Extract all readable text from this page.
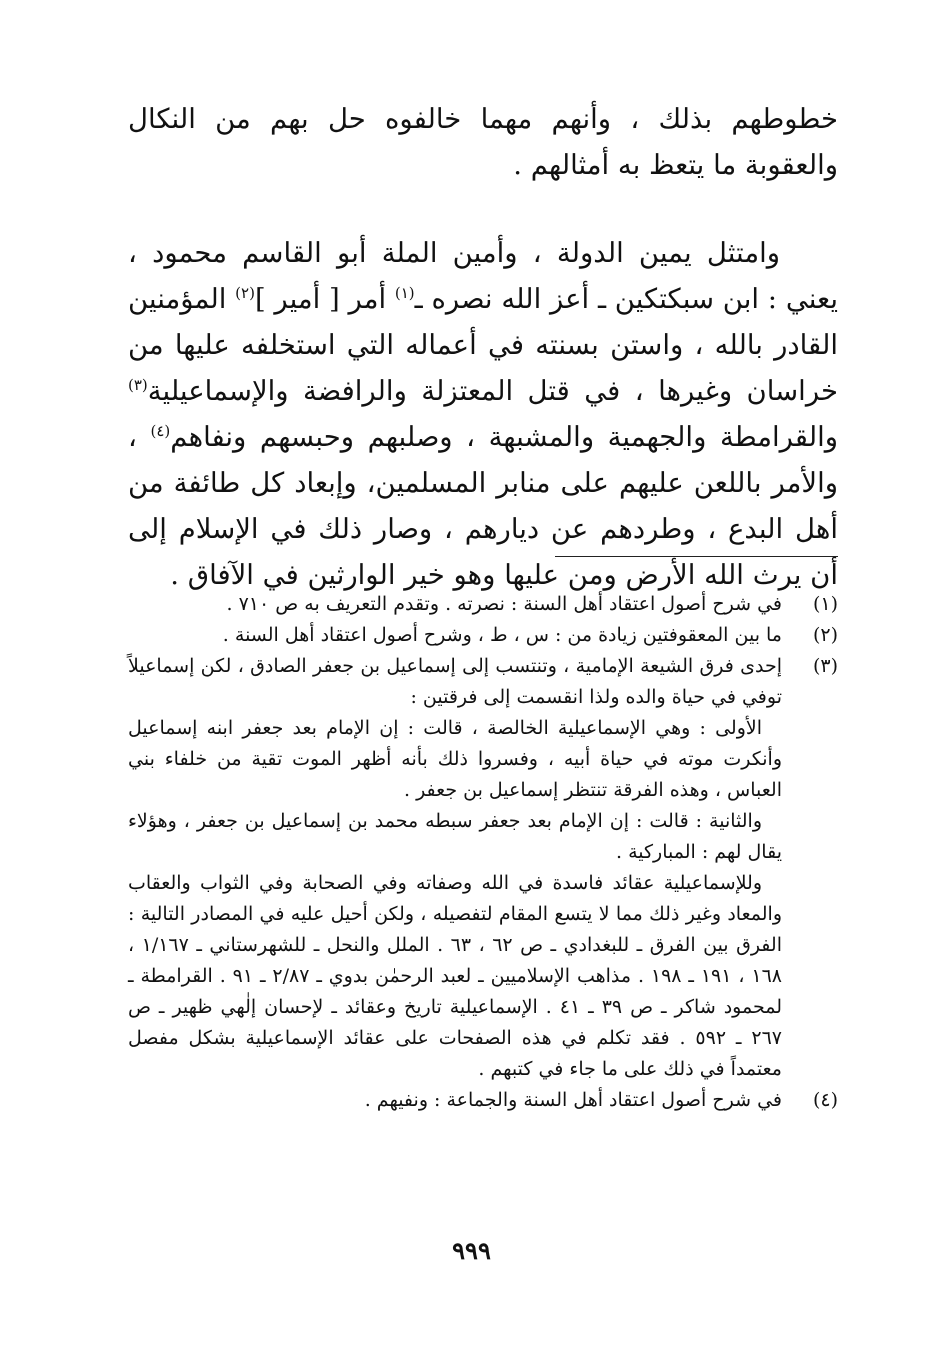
خطوطهم بذلك ، وأنهم مهما خالفوه حل بهم من النكال والعقوبة ما يتعظ به أمثالهم .

وامتثل يمين الدولة ، وأمين الملة أبو القاسم محمود ، يعني : ابن سبكتكين ـ أعز الله نصره ـ$^{(١)}$ أمر [ أمير ]$^{(٢)}$ المؤمنين القادر بالله ، واستن بسنته في أعماله التي استخلفه عليها من خراسان وغيرها ، في قتل المعتزلة والرافضة والإسماعيلية$^{(٣)}$ والقرامطة والجهمية والمشبهة ، وصلبهم وحبسهم ونفاهم$^{(٤)}$ ، والأمر باللعن عليهم على منابر المسلمين، وإبعاد كل طائفة من أهل البدع ، وطردهم عن ديارهم ، وصار ذلك في الإسلام إلى أن يرث الله الأرض ومن عليها وهو خير الوارثين في الآفاق .

(١)

في شرح أصول اعتقاد أهل السنة : نصرته . وتقدم التعريف به ص ٧١٠ .

(٢)

ما بين المعقوفتين زيادة من : س ، ط ، وشرح أصول اعتقاد أهل السنة .

(٣)

إحدى فرق الشيعة الإمامية ، وتنتسب إلى إسماعيل بن جعفر الصادق ، لكن إسماعيلاً توفي في حياة والده ولذا انقسمت إلى فرقتين :

الأولى : وهي الإسماعيلية الخالصة ، قالت : إن الإمام بعد جعفر ابنه إسماعيل وأنكرت موته في حياة أبيه ، وفسروا ذلك بأنه أظهر الموت تقية من خلفاء بني العباس ، وهذه الفرقة تنتظر إسماعيل بن جعفر .

والثانية : قالت : إن الإمام بعد جعفر سبطه محمد بن إسماعيل بن جعفر ، وهؤلاء يقال لهم : المباركية .

وللإسماعيلية عقائد فاسدة في الله وصفاته وفي الصحابة وفي الثواب والعقاب والمعاد وغير ذلك مما لا يتسع المقام لتفصيله ، ولكن أحيل عليه في المصادر التالية : الفرق بين الفرق ـ للبغدادي ـ ص ٦٢ ، ٦٣ . الملل والنحل ـ للشهرستاني ـ ١/١٦٧ ، ١٦٨ ، ١٩١ ـ ١٩٨ . مذاهب الإسلاميين ـ لعبد الرحمٰن بدوي ـ ٢/٨٧ ـ ٩١ . القرامطة ـ لمحمود شاكر ـ ص ٣٩ ـ ٤١ . الإسماعيلية تاريخ وعقائد ـ لإحسان إلٰهي ظهير ـ ص ٢٦٧ ـ ٥٩٢ . فقد تكلم في هذه الصفحات على عقائد الإسماعيلية بشكل مفصل معتمداً في ذلك على ما جاء في كتبهم .

(٤)

في شرح أصول اعتقاد أهل السنة والجماعة : ونفيهم .

٩٩٩
